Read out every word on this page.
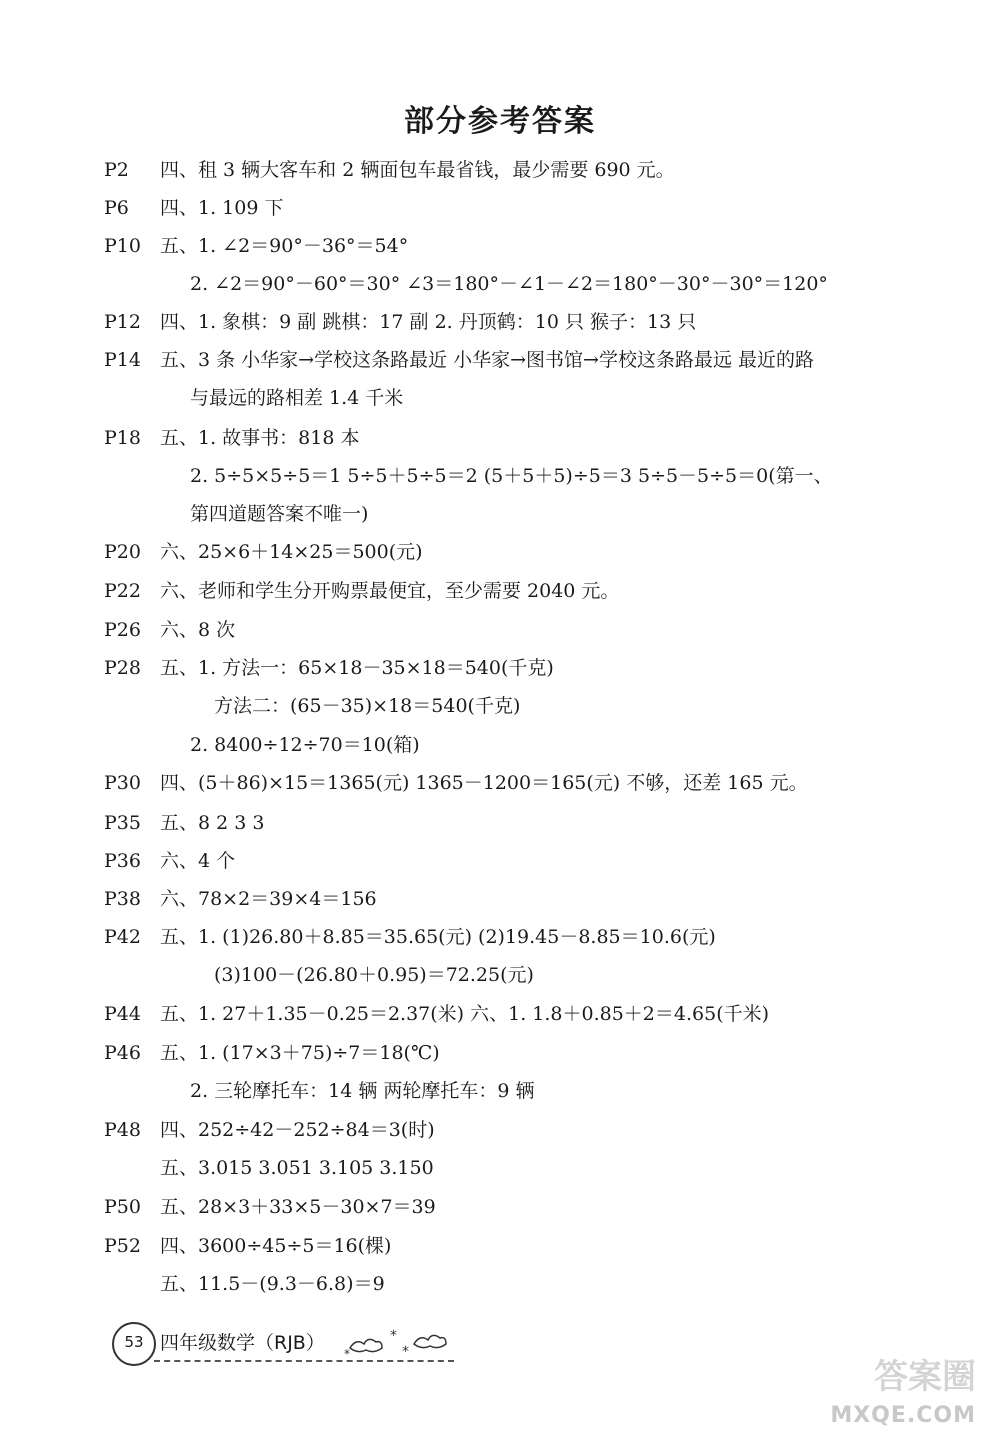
部分参考答案
P2 四、租 3 辆大客车和 2 辆面包车最省钱，最少需要 690 元。
P6 四、1. 109 下
P10 五、1. ∠2＝90°－36°＝54°
2. ∠2＝90°－60°＝30° ∠3＝180°－∠1－∠2＝180°－30°－30°＝120°
P12 四、1. 象棋：9 副 跳棋：17 副 2. 丹顶鹤：10 只 猴子：13 只
P14 五、3 条 小华家→学校这条路最近 小华家→图书馆→学校这条路最远 最近的路
与最远的路相差 1.4 千米
P18 五、1. 故事书：818 本
2. 5÷5×5÷5＝1 5÷5＋5÷5＝2 (5＋5＋5)÷5＝3 5÷5－5÷5＝0(第一、
第四道题答案不唯一)
P20 六、25×6＋14×25＝500(元)
P22 六、老师和学生分开购票最便宜，至少需要 2040 元。
P26 六、8 次
P28 五、1. 方法一：65×18－35×18＝540(千克)
方法二：(65－35)×18＝540(千克)
2. 8400÷12÷70＝10(箱)
P30 四、(5＋86)×15＝1365(元) 1365－1200＝165(元) 不够，还差 165 元。
P35 五、8 2 3 3
P36 六、4 个
P38 六、78×2＝39×4＝156
P42 五、1. (1)26.80＋8.85＝35.65(元) (2)19.45－8.85＝10.6(元)
(3)100－(26.80＋0.95)＝72.25(元)
P44 五、1. 27＋1.35－0.25＝2.37(米) 六、1. 1.8＋0.85＋2＝4.65(千米)
P46 五、1. (17×3＋75)÷7＝18(℃)
2. 三轮摩托车：14 辆 两轮摩托车：9 辆
P48 四、252÷42－252÷84＝3(时)
五、3.015 3.051 3.105 3.150
P50 五、28×3＋33×5－30×7＝39
P52 四、3600÷45÷5＝16(棵)
五、11.5－(9.3－6.8)＝9
53 四年级数学（RJB）	*
*
*
答案圈
MXQE.COM
